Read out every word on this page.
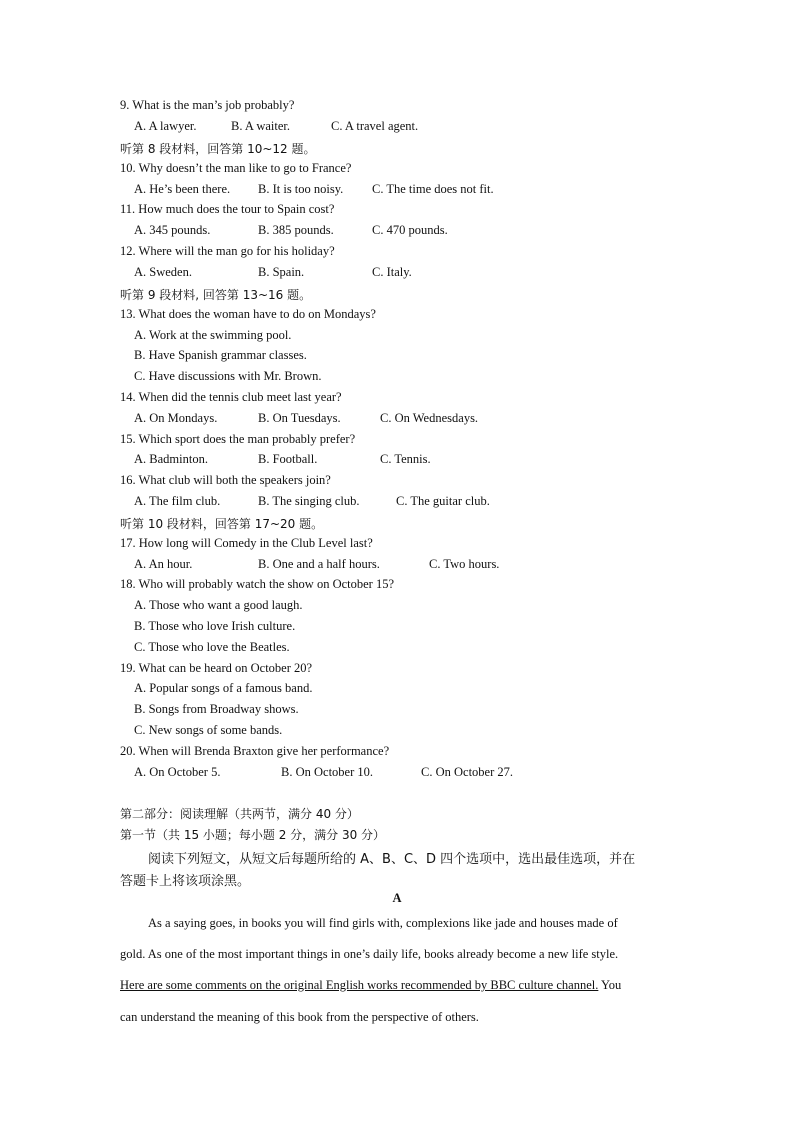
9. What is the man’s job probably?
A. A lawyer.	B. A waiter.	C. A travel agent.
听第 8 段材料，回答第 10~12 题。
10. Why doesn’t the man like to go to France?
A. He’s been there. B. It is too noisy. C. The time does not fit.
11. How much does the tour to Spain cost?
A. 345 pounds.	B. 385 pounds.	C. 470 pounds.
12. Where will the man go for his holiday?
A. Sweden.	B. Spain.	C. Italy.
听第 9 段材料, 回答第 13~16 题。
13. What does the woman have to do on Mondays?
A. Work at the swimming pool.
B. Have Spanish grammar classes.
C. Have discussions with Mr. Brown.
14. When did the tennis club meet last year?
A. On Mondays.	B. On Tuesdays.	C. On Wednesdays.
15. Which sport does the man probably prefer?
A. Badminton.	B. Football.	C. Tennis.
16. What club will both the speakers join?
A. The film club.	B. The singing club.	C. The guitar club.
听第 10 段材料，回答第 17~20 题。
17. How long will Comedy in the Club Level last?
A. An hour.	B. One and a half hours.	C. Two hours.
18. Who will probably watch the show on October 15?
A. Those who want a good laugh.
B. Those who love Irish culture.
C. Those who love the Beatles.
19. What can be heard on October 20?
A. Popular songs of a famous band.
B. Songs from Broadway shows.
C. New songs of some bands.
20. When will Brenda Braxton give her performance?
A. On October 5.	B. On October 10.	C. On October 27.
第二部分：阅读理解（共两节，满分 40 分）
第一节（共 15 小题；每小题 2 分，满分 30 分）
阅读下列短文，从短文后每题所给的 A、B、C、D 四个选项中，选出最佳选项，并在
答题卡上将该项涂黑。
A
As a saying goes, in books you will find girls with, complexions like jade and houses made of
gold. As one of the most important things in one’s daily life, books already become a new life style.
Here are some comments on the original English works recommended by BBC culture channel. You
can understand the meaning of this book from the perspective of others.
